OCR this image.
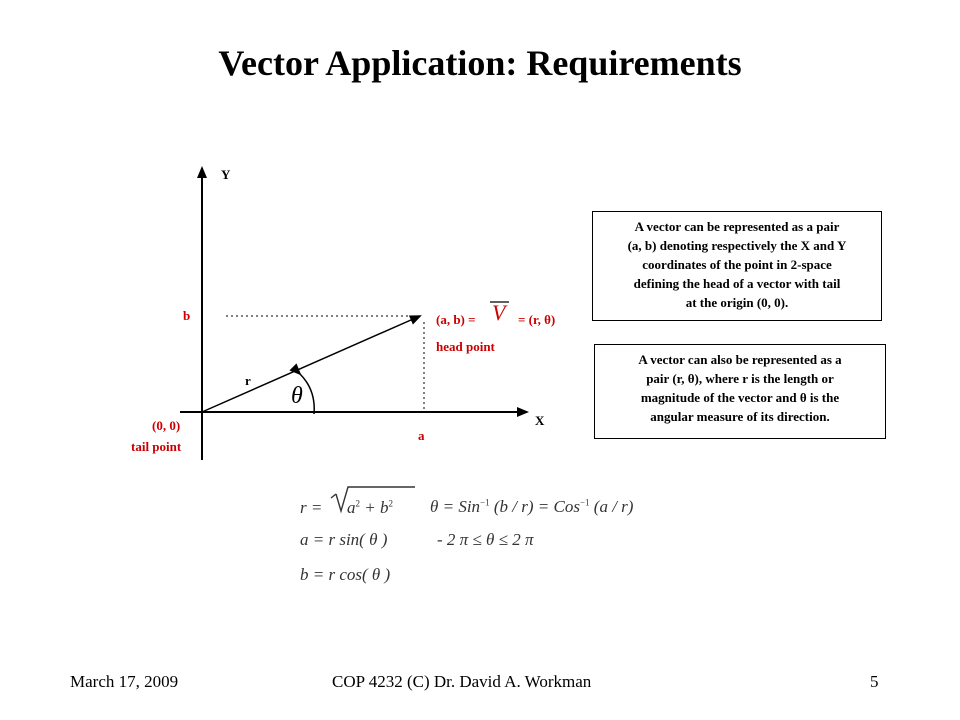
Vector Application: Requirements
Y
X
b
a
r
θ
(0, 0)
tail point
head point
(a, b) = V = (r, θ)
A vector can be represented as a pair
(a, b) denoting respectively the X and Y
coordinates of the point in 2-space
defining the head of a vector with tail
at the origin (0, 0).
A vector can also be represented as a
pair (r, θ), where r is the length or
magnitude of the vector and θ is the
angular measure of its direction.
$r = a^2 + b^2$ θ = Sin$^{-1}$ (b / r) = Cos$^{-1}$ (a / r)
a = r sin( θ )	- 2 π ≤ θ ≤ 2 π
b = r cos( θ )
March 17, 2009	COP 4232 (C) Dr. David A. Workman	5
